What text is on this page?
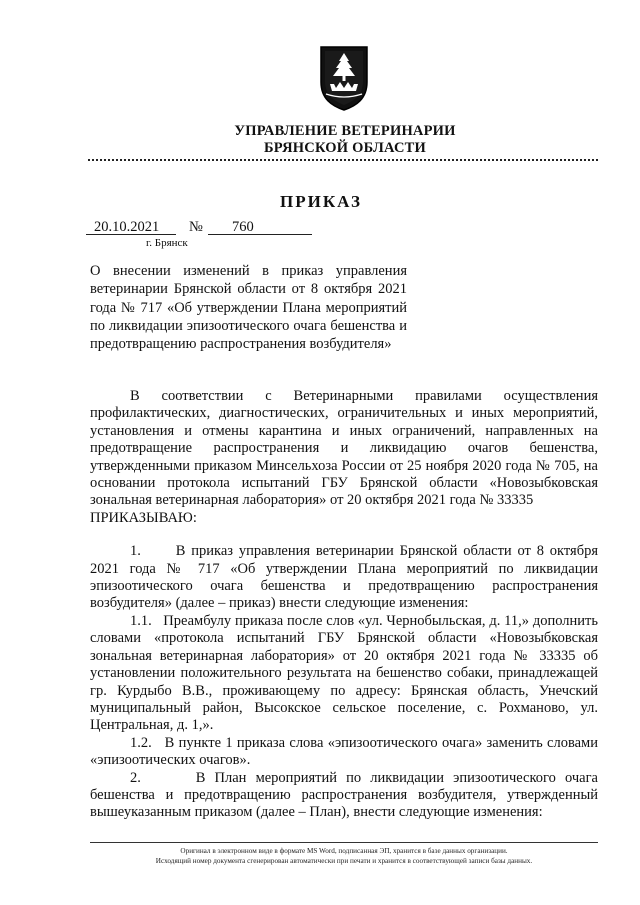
УПРАВЛЕНИЕ ВЕТЕРИНАРИИ
БРЯНСКОЙ ОБЛАСТИ
ПРИКАЗ
20.10.2021 № 760
г. Брянск
О внесении изменений в приказ управления ветеринарии Брянской области от 8 октября 2021 года № 717 «Об утверждении Плана мероприятий по ликвидации эпизоотического очага бешенства и предотвращению распространения возбудителя»

В соответствии с Ветеринарными правилами осуществления профилактических, диагностических, ограничительных и иных мероприятий, установления и отмены карантина и иных ограничений, направленных на предотвращение распространения и ликвидацию очагов бешенства, утвержденными приказом Минсельхоза России от 25 ноября 2020 года № 705, на основании протокола испытаний ГБУ Брянской области «Новозыбковская зональная ветеринарная лаборатория» от 20 октября 2021 года № 33335

ПРИКАЗЫВАЮ:

1.      В приказ управления ветеринарии Брянской области от 8 октября 2021 года № 717 «Об утверждении Плана мероприятий по ликвидации эпизоотического очага бешенства и предотвращению распространения возбудителя» (далее – приказ) внести следующие изменения:

1.1.   Преамбулу приказа после слов «ул. Чернобыльская, д. 11,» дополнить словами «протокола испытаний ГБУ Брянской области «Новозыбковская зональная ветеринарная лаборатория» от 20 октября 2021 года № 33335 об установлении положительного результата на бешенство собаки, принадлежащей гр. Курдыбо В.В., проживающему по адресу: Брянская область, Унечский муниципальный район, Высокское сельское поселение, с. Рохманово, ул. Центральная, д. 1,».

1.2.   В пункте 1 приказа слова «эпизоотического очага» заменить словами «эпизоотических очагов».

2.      В План мероприятий по ликвидации эпизоотического очага бешенства и предотвращению распространения возбудителя, утвержденный вышеуказанным приказом (далее – План), внести следующие изменения:

Оригинал в электронном виде в формате MS Word, подписанная ЭП, хранится в базе данных организации.
Исходящий номер документа сгенерирован автоматически при печати и хранится в соответствующей записи базы данных.
